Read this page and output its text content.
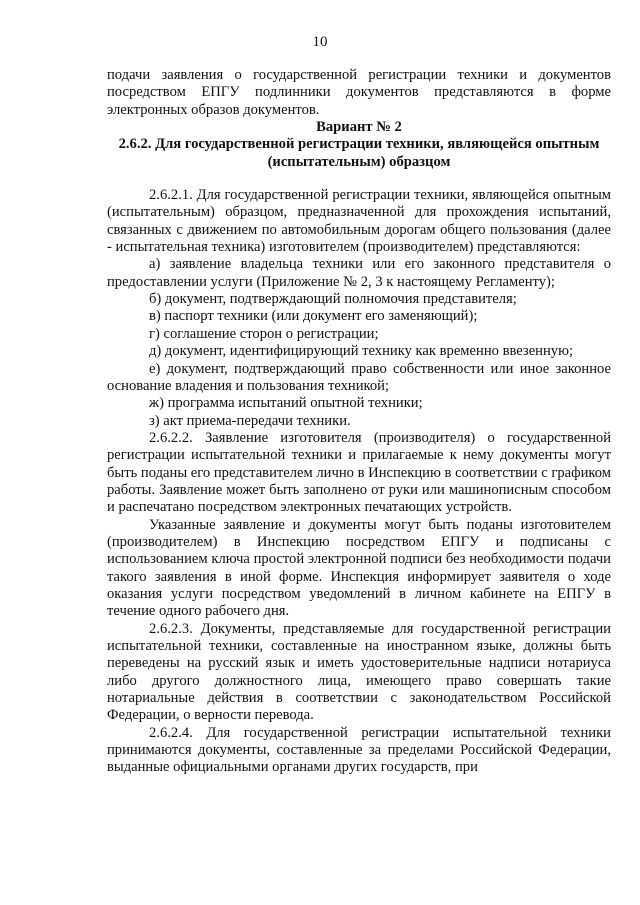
10

подачи заявления о государственной регистрации техники и документов посредством ЕПГУ подлинники документов представляются в форме электронных образов документов.

Вариант № 2

2.6.2. Для государственной регистрации техники, являющейся опытным (испытательным) образцом

2.6.2.1. Для государственной регистрации техники, являющейся опытным (испытательным) образцом, предназначенной для прохождения испытаний, связанных с движением по автомобильным дорогам общего пользования (далее - испытательная техника) изготовителем (производителем) представляются:

а) заявление владельца техники или его законного представителя о предоставлении услуги (Приложение № 2, 3 к настоящему Регламенту);

б) документ, подтверждающий полномочия представителя;

в) паспорт техники (или документ его заменяющий);

г) соглашение сторон о регистрации;

д) документ, идентифицирующий технику как временно ввезенную;

е) документ, подтверждающий право собственности или иное законное основание владения и пользования техникой;

ж) программа испытаний опытной техники;

з) акт приема-передачи техники.

2.6.2.2. Заявление изготовителя (производителя) о государственной регистрации испытательной техники и прилагаемые к нему документы могут быть поданы его представителем лично в Инспекцию в соответствии с графиком работы. Заявление может быть заполнено от руки или машинописным способом и распечатано посредством электронных печатающих устройств.

Указанные заявление и документы могут быть поданы изготовителем (производителем) в Инспекцию посредством ЕПГУ и подписаны с использованием ключа простой электронной подписи без необходимости подачи такого заявления в иной форме. Инспекция информирует заявителя о ходе оказания услуги посредством уведомлений в личном кабинете на ЕПГУ в течение одного рабочего дня.

2.6.2.3. Документы, представляемые для государственной регистрации испытательной техники, составленные на иностранном языке, должны быть переведены на русский язык и иметь удостоверительные надписи нотариуса либо другого должностного лица, имеющего право совершать такие нотариальные действия в соответствии с законодательством Российской Федерации, о верности перевода.

2.6.2.4. Для государственной регистрации испытательной техники принимаются документы, составленные за пределами Российской Федерации, выданные официальными органами других государств, при
